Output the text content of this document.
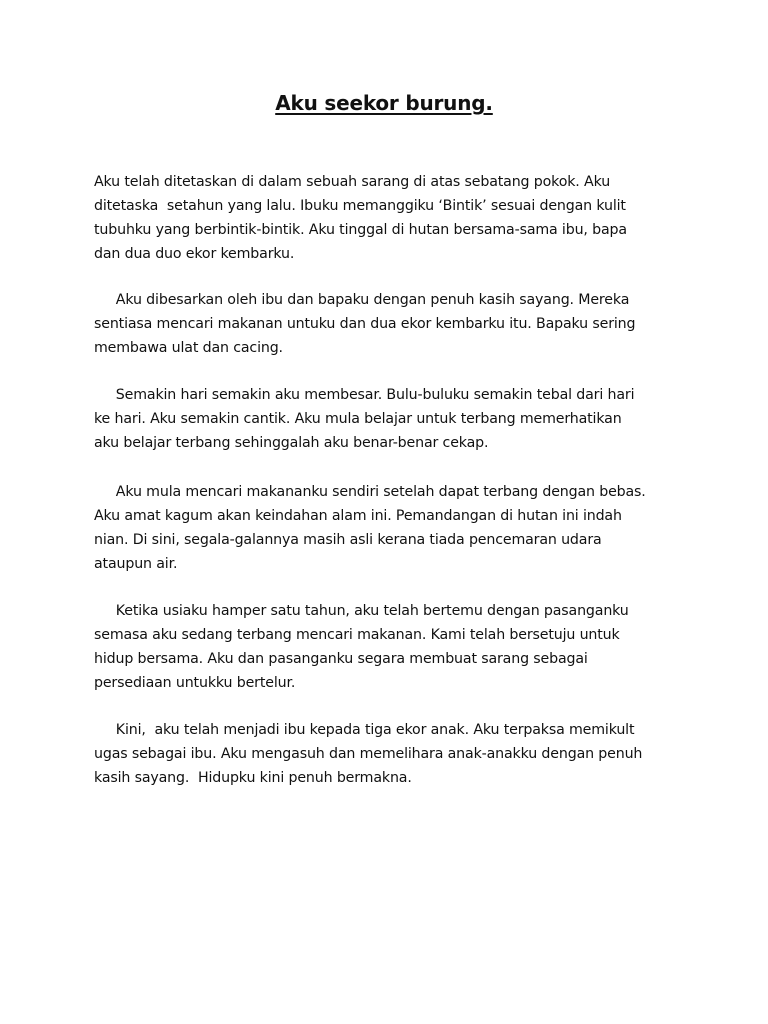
Aku seekor burung.

Aku telah ditetaskan di dalam sebuah sarang di atas sebatang pokok. Aku
ditetaska  setahun yang lalu. Ibuku memanggiku ‘Bintik’ sesuai dengan kulit
tubuhku yang berbintik-bintik. Aku tinggal di hutan bersama-sama ibu, bapa
dan dua duo ekor kembarku.

Aku dibesarkan oleh ibu dan bapaku dengan penuh kasih sayang. Mereka
sentiasa mencari makanan untuku dan dua ekor kembarku itu. Bapaku sering
membawa ulat dan cacing.

Semakin hari semakin aku membesar. Bulu-buluku semakin tebal dari hari
ke hari. Aku semakin cantik. Aku mula belajar untuk terbang memerhatikan
aku belajar terbang sehinggalah aku benar-benar cekap.

Aku mula mencari makananku sendiri setelah dapat terbang dengan bebas.
Aku amat kagum akan keindahan alam ini. Pemandangan di hutan ini indah
nian. Di sini, segala-galannya masih asli kerana tiada pencemaran udara
ataupun air.

Ketika usiaku hamper satu tahun, aku telah bertemu dengan pasanganku
semasa aku sedang terbang mencari makanan. Kami telah bersetuju untuk
hidup bersama. Aku dan pasanganku segara membuat sarang sebagai
persediaan untukku bertelur.

Kini,  aku telah menjadi ibu kepada tiga ekor anak. Aku terpaksa memikult
ugas sebagai ibu. Aku mengasuh dan memelihara anak-anakku dengan penuh
kasih sayang.  Hidupku kini penuh bermakna.
